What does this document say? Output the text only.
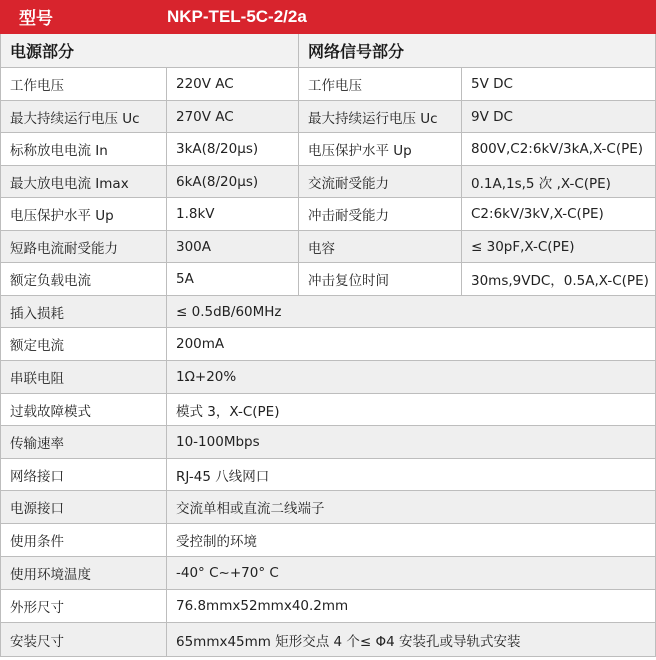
型号	NKP-TEL-5C-2/2a
电源部分	网络信号部分
工作电压	220V AC	工作电压	5V DC
最大持续运行电压 Uc	270V AC	最大持续运行电压 Uc	9V DC
标称放电电流 In	3kA(8/20μs)	电压保护水平 Up	800V,C2:6kV/3kA,X-C(PE)
最大放电电流 Imax	6kA(8/20μs)	交流耐受能力	0.1A,1s,5 次 ,X-C(PE)
电压保护水平 Up	1.8kV	冲击耐受能力	C2:6kV/3kV,X-C(PE)
短路电流耐受能力	300A	电容	≤ 30pF,X-C(PE)
额定负载电流	5A	冲击复位时间	30ms,9VDC，0.5A,X-C(PE)
插入损耗	≤ 0.5dB/60MHz
额定电流	200mA
串联电阻	1Ω+20%
过载故障模式	模式 3，X-C(PE)
传输速率	10-100Mbps
网络接口	RJ-45 八线网口
电源接口	交流单相或直流二线端子
使用条件	受控制的环境
使用环境温度	-40° C~+70° C
外形尺寸	76.8mmx52mmx40.2mm
安装尺寸	65mmx45mm 矩形交点 4 个≤ Φ4 安装孔或导轨式安装
